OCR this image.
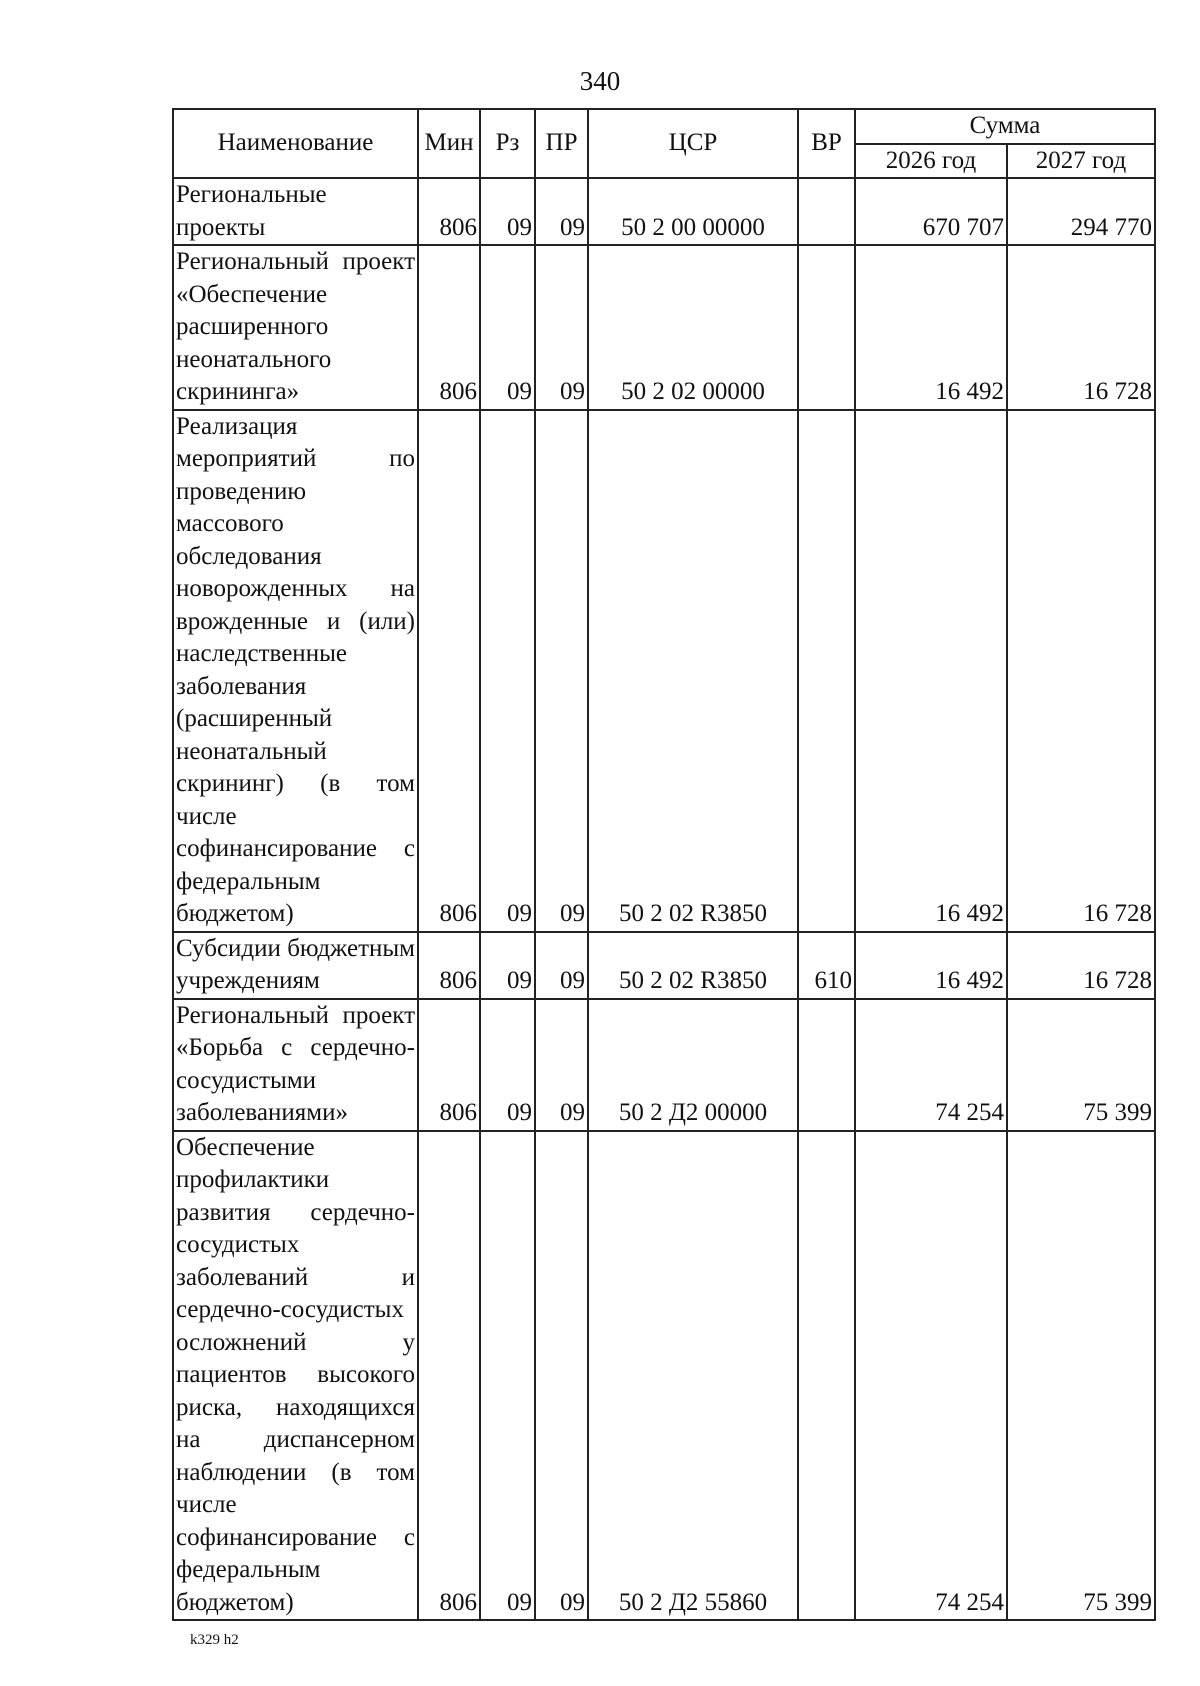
340
Наименование	Мин	Рз	ПР	ЦСР	ВР	Сумма	
						2026 год	2027 год
Региональные проекты	806	09	09	50 2 00 00000		670 707	294 770
Региональный проект «Обеспечение расширенного неонатального скрининга»	806	09	09	50 2 02 00000		16 492	16 728
Реализация мероприятий по проведению массового обследования новорожденных на врожденные и (или) наследственные заболевания (расширенный неонатальный скрининг) (в том числе софинансирование с федеральным бюджетом)	806	09	09	50 2 02 R3850		16 492	16 728
Субсидии бюджетным учреждениям	806	09	09	50 2 02 R3850	610	16 492	16 728
Региональный проект «Борьба с сердечно-сосудистыми заболеваниями»	806	09	09	50 2 Д2 00000		74 254	75 399
Обеспечение профилактики развития сердечно-сосудистых заболеваний и сердечно-сосудистых осложнений у пациентов высокого риска, находящихся на диспансерном наблюдении (в том числе софинансирование с федеральным бюджетом)	806	09	09	50 2 Д2 55860		74 254	75 399
k329 h2
